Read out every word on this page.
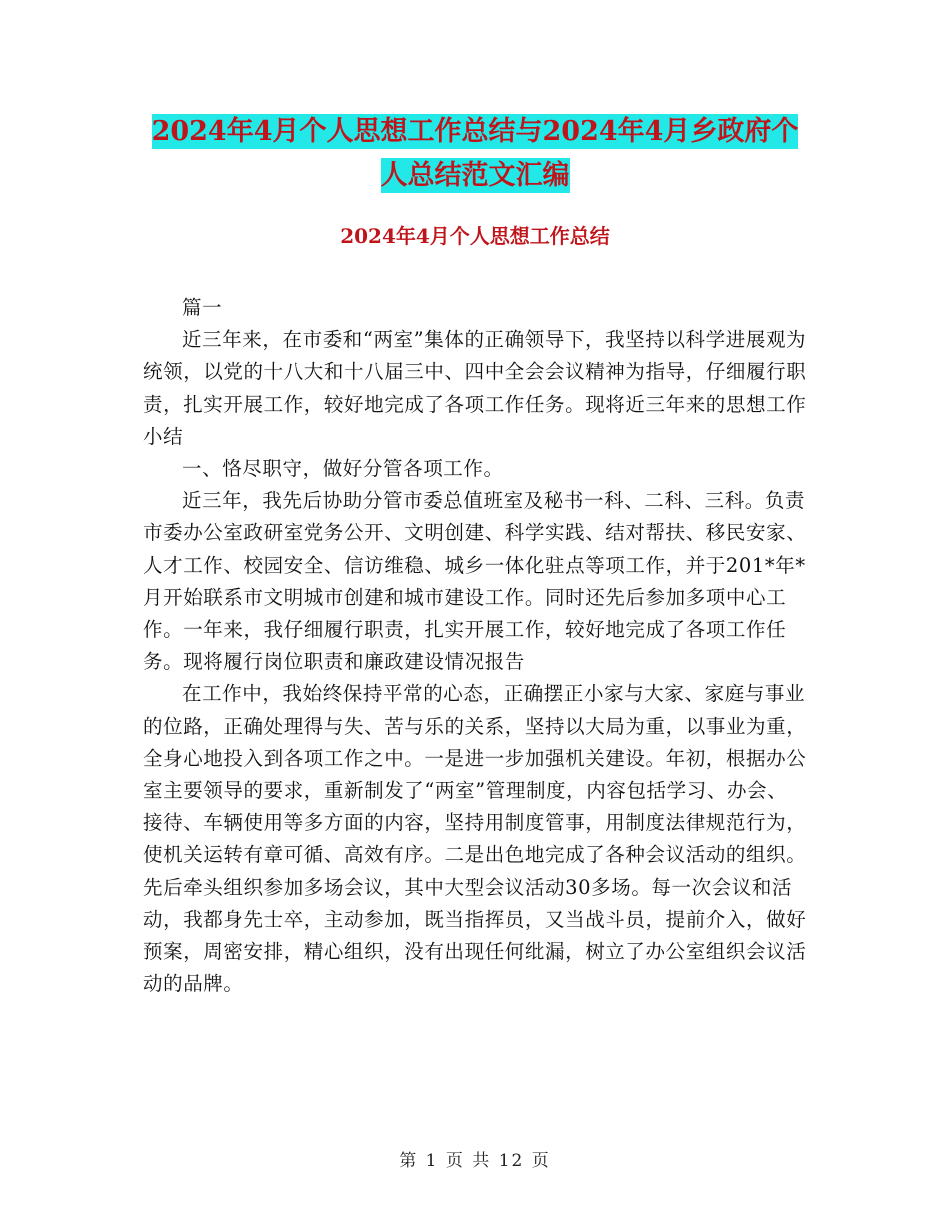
2024年4月个人思想工作总结与2024年4月乡政府个人总结范文汇编
2024年4月个人思想工作总结

篇一

近三年来，在市委和“两室”集体的正确领导下，我坚持以科学进展观为统领，以党的十八大和十八届三中、四中全会会议精神为指导，仔细履行职责，扎实开展工作，较好地完成了各项工作任务。现将近三年来的思想工作小结

一、恪尽职守，做好分管各项工作。

近三年，我先后协助分管市委总值班室及秘书一科、二科、三科。负责市委办公室政研室党务公开、文明创建、科学实践、结对帮扶、移民安家、人才工作、校园安全、信访维稳、城乡一体化驻点等项工作，并于201*年*月开始联系市文明城市创建和城市建设工作。同时还先后参加多项中心工作。一年来，我仔细履行职责，扎实开展工作，较好地完成了各项工作任务。现将履行岗位职责和廉政建设情况报告

在工作中，我始终保持平常的心态，正确摆正小家与大家、家庭与事业的位路，正确处理得与失、苦与乐的关系，坚持以大局为重，以事业为重，全身心地投入到各项工作之中。一是进一步加强机关建设。年初，根据办公室主要领导的要求，重新制发了“两室”管理制度，内容包括学习、办会、接待、车辆使用等多方面的内容，坚持用制度管事，用制度法律规范行为，使机关运转有章可循、高效有序。二是出色地完成了各种会议活动的组织。先后牵头组织参加多场会议，其中大型会议活动30多场。每一次会议和活动，我都身先士卒，主动参加，既当指挥员，又当战斗员，提前介入，做好预案，周密安排，精心组织，没有出现任何纰漏，树立了办公室组织会议活动的品牌。

第 1 页 共 12 页
